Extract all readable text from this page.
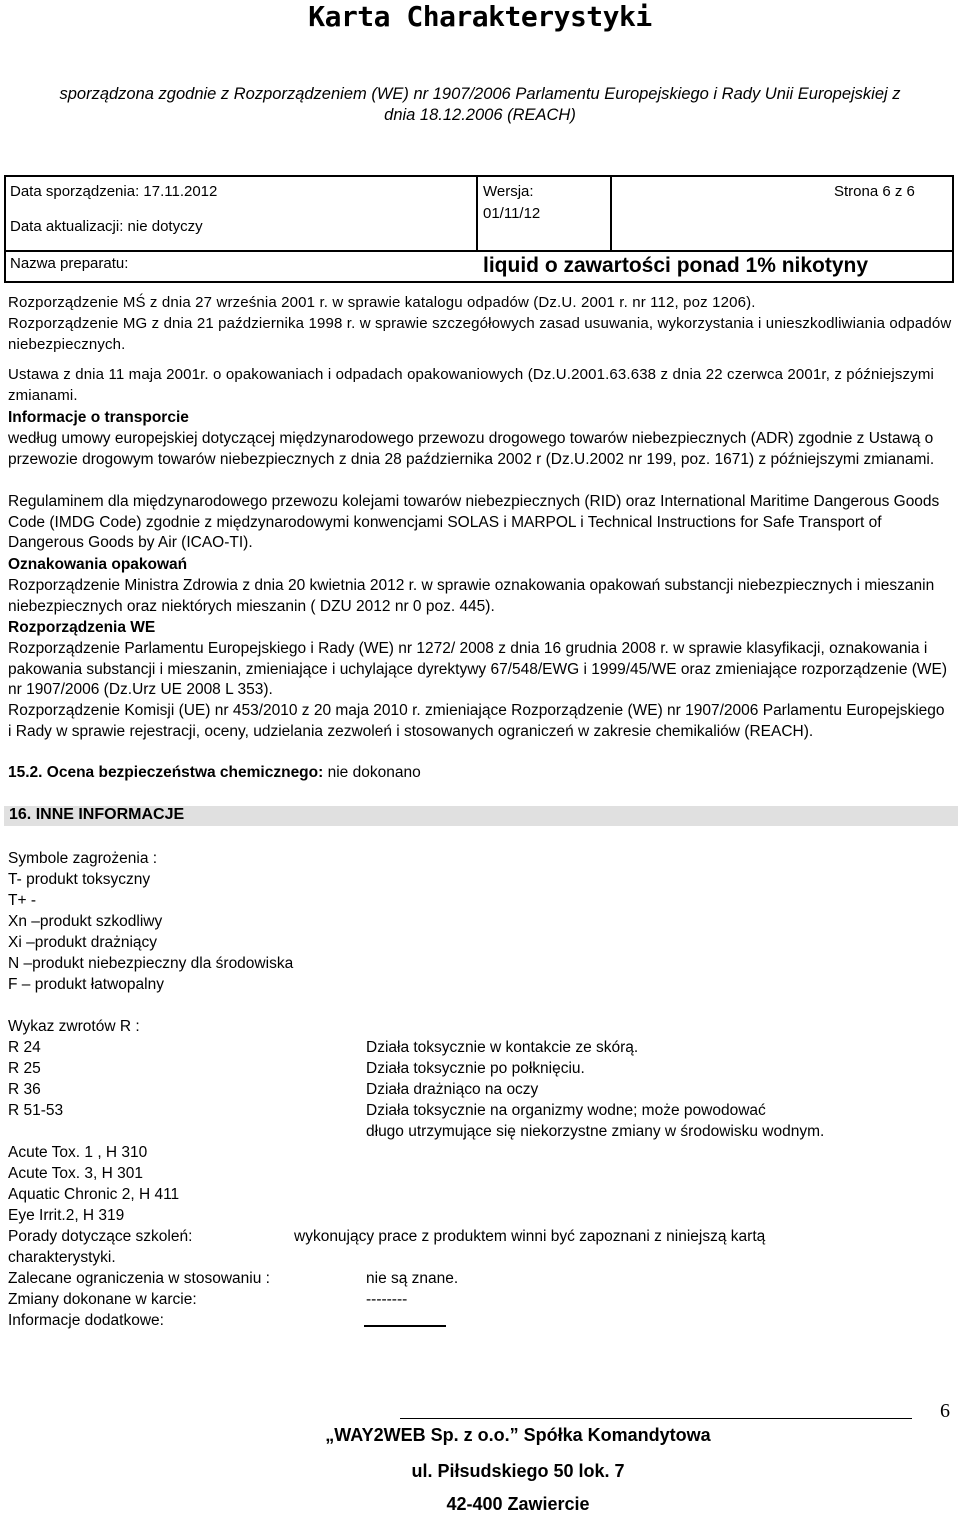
Karta Charakterystyki
sporządzona zgodnie z Rozporządzeniem (WE) nr 1907/2006 Parlamentu Europejskiego i Rady Unii Europejskiej z
dnia 18.12.2006 (REACH)
Data sporządzenia: 17.11.2012
Data aktualizacji: nie dotyczy
Wersja:
01/11/12
Strona 6 z 6
Nazwa preparatu:	liquid o zawartości ponad 1% nikotyny
Rozporządzenie MŚ z dnia 27 września 2001 r. w sprawie katalogu odpadów (Dz.U. 2001 r. nr 112, poz 1206).
Rozporządzenie MG z dnia 21 października 1998 r. w sprawie szczegółowych zasad usuwania, wykorzystania i unieszkodliwiania odpadów niebezpiecznych.
Ustawa z dnia 11 maja 2001r. o opakowaniach i odpadach opakowaniowych (Dz.U.2001.63.638 z dnia 22 czerwca 2001r, z późniejszymi zmianami.
Informacje o transporcie
według umowy europejskiej dotyczącej międzynarodowego przewozu drogowego towarów niebezpiecznych (ADR) zgodnie z Ustawą o przewozie drogowym towarów niebezpiecznych z dnia 28 października 2002 r (Dz.U.2002 nr 199, poz. 1671) z późniejszymi zmianami.
Regulaminem dla międzynarodowego przewozu kolejami towarów niebezpiecznych (RID) oraz International Maritime Dangerous Goods Code (IMDG Code) zgodnie z międzynarodowymi konwencjami SOLAS i MARPOL i Technical Instructions for Safe Transport of Dangerous Goods by Air (ICAO-TI).
Oznakowania opakowań
Rozporządzenie Ministra Zdrowia z dnia 20 kwietnia 2012 r. w sprawie oznakowania opakowań substancji niebezpiecznych i mieszanin niebezpiecznych oraz niektórych mieszanin ( DZU 2012 nr 0 poz. 445).
Rozporządzenia WE
Rozporządzenie Parlamentu Europejskiego i Rady (WE) nr 1272/ 2008 z dnia 16 grudnia 2008 r. w sprawie klasyfikacji, oznakowania i pakowania substancji i mieszanin, zmieniające i uchylające dyrektywy 67/548/EWG i 1999/45/WE oraz zmieniające rozporządzenie (WE) nr 1907/2006 (Dz.Urz UE 2008 L 353).
Rozporządzenie Komisji (UE) nr 453/2010 z 20 maja 2010 r. zmieniające Rozporządzenie (WE) nr 1907/2006 Parlamentu Europejskiego i Rady w sprawie rejestracji, oceny, udzielania zezwoleń i stosowanych ograniczeń w zakresie chemikaliów (REACH).
15.2. Ocena bezpieczeństwa chemicznego: nie dokonano
16. INNE INFORMACJE
Symbole zagrożenia :
T- produkt toksyczny
T+ -
Xn –produkt szkodliwy
Xi –produkt drażniący
N –produkt niebezpieczny dla środowiska
F – produkt łatwopalny
Wykaz zwrotów R :
R 24	Działa toksycznie w kontakcie ze skórą.
R 25	Działa toksycznie po połknięciu.
R 36	Działa drażniąco na oczy
R 51-53	Działa toksycznie na organizmy wodne; może powodować
długo utrzymujące się niekorzystne zmiany w środowisku wodnym.
Acute Tox. 1 , H 310
Acute Tox. 3, H 301
Aquatic Chronic 2, H 411
Eye Irrit.2, H 319
Porady dotyczące szkoleń:	wykonujący prace z produktem winni być zapoznani z niniejszą kartą
charakterystyki.
Zalecane ograniczenia w stosowaniu :	nie są znane.
Zmiany dokonane w karcie:	--------
Informacje dodatkowe:
6
„WAY2WEB Sp. z o.o.” Spółka Komandytowa
ul. Piłsudskiego 50 lok. 7
42-400 Zawiercie
